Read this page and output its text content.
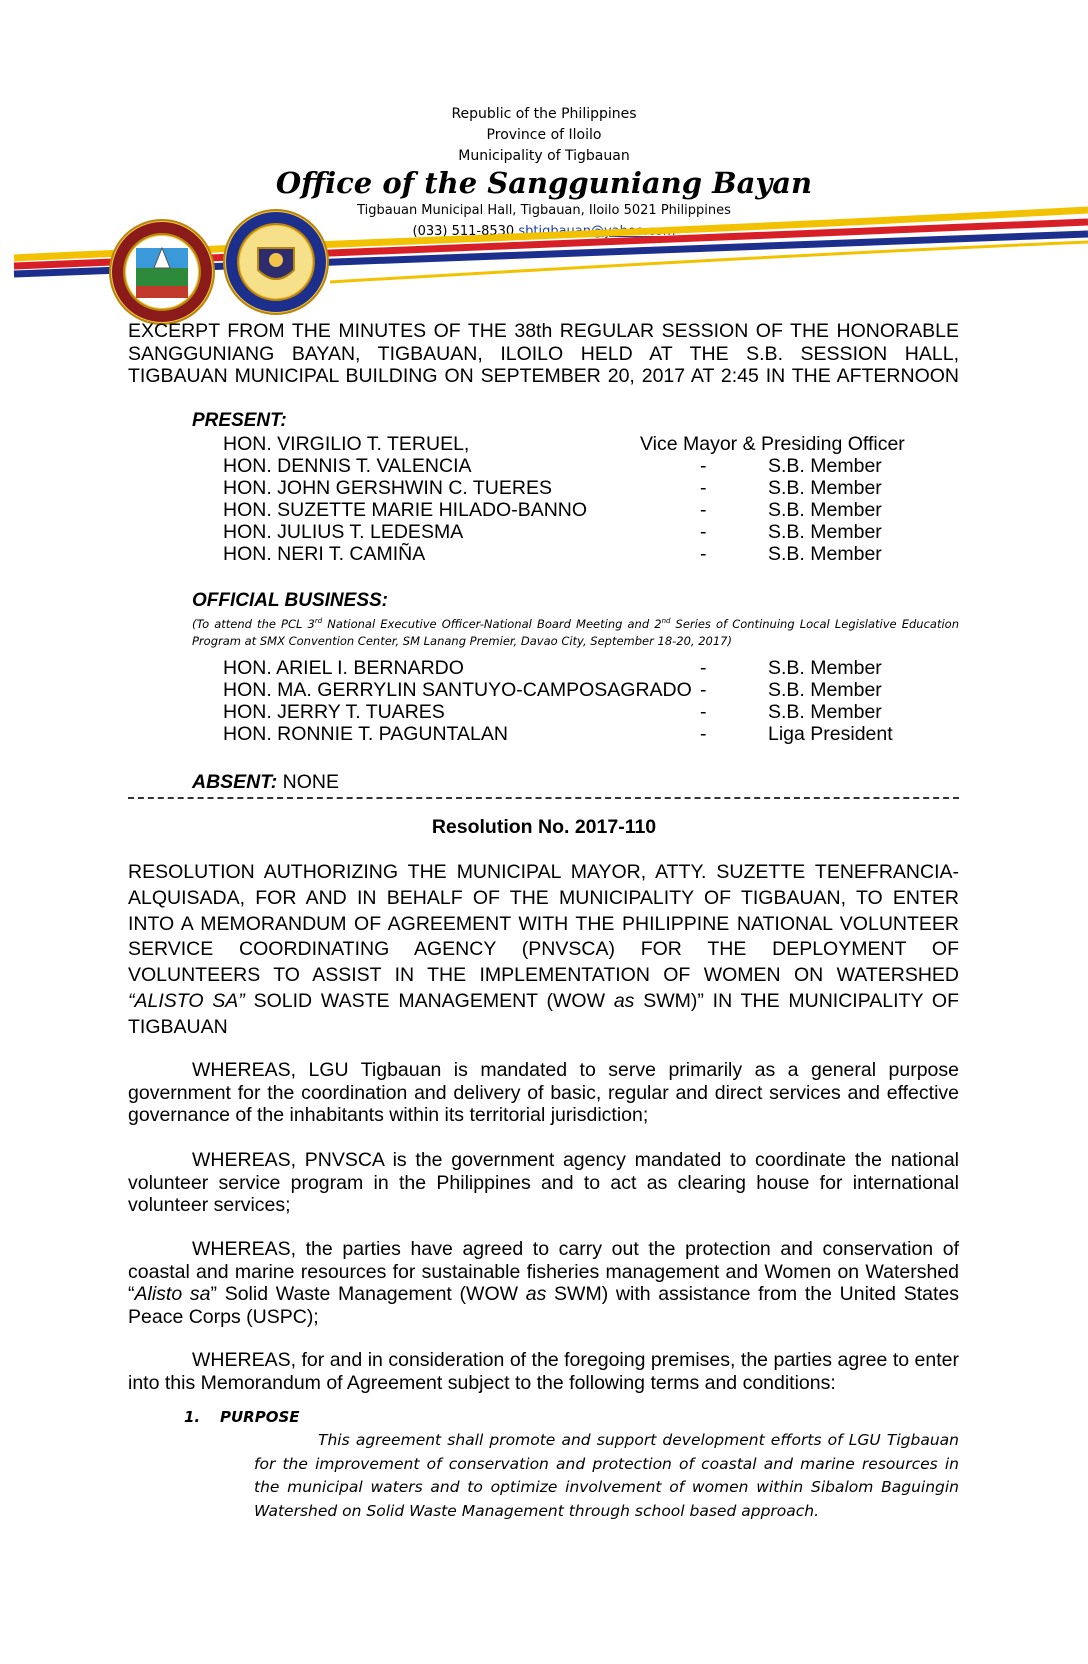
Republic of the Philippines
Province of Iloilo
Municipality of Tigbauan
Office of the Sangguniang Bayan
Tigbauan Municipal Hall, Tigbauan, Iloilo 5021 Philippines
(033) 511-8530 sbtigbauan@yahoo.com
EXCERPT FROM THE MINUTES OF THE 38th REGULAR SESSION OF THE HONORABLE
SANGGUNIANG BAYAN, TIGBAUAN, ILOILO HELD AT THE S.B. SESSION HALL,
TIGBAUAN MUNICIPAL BUILDING ON SEPTEMBER 20, 2017 AT 2:45 IN THE AFTERNOON
PRESENT:
HON. VIRGILIO T. TERUEL,	Vice Mayor & Presiding Officer
HON. DENNIS T. VALENCIA	-	S.B. Member
HON. JOHN GERSHWIN C. TUERES	-	S.B. Member
HON. SUZETTE MARIE HILADO-BANNO	-	S.B. Member
HON. JULIUS T. LEDESMA	-	S.B. Member
HON. NERI T. CAMIÑA	-	S.B. Member
OFFICIAL BUSINESS:
(To attend the PCL 3rd National Executive Officer-National Board Meeting and 2nd Series of Continuing Local Legislative Education Program at SMX Convention Center, SM Lanang Premier, Davao City, September 18-20, 2017)
HON. ARIEL I. BERNARDO	-	S.B. Member
HON. MA. GERRYLIN SANTUYO-CAMPOSAGRADO -	S.B. Member
HON. JERRY T. TUARES	-	S.B. Member
HON. RONNIE T. PAGUNTALAN	-	Liga President
ABSENT: NONE
Resolution No. 2017-110
RESOLUTION AUTHORIZING THE MUNICIPAL MAYOR, ATTY. SUZETTE TENEFRANCIA-
ALQUISADA, FOR AND IN BEHALF OF THE MUNICIPALITY OF TIGBAUAN, TO ENTER
INTO A MEMORANDUM OF AGREEMENT WITH THE PHILIPPINE NATIONAL VOLUNTEER
SERVICE COORDINATING AGENCY (PNVSCA) FOR THE DEPLOYMENT OF
VOLUNTEERS TO ASSIST IN THE IMPLEMENTATION OF WOMEN ON WATERSHED
“ALISTO SA” SOLID WASTE MANAGEMENT (WOW as SWM)” IN THE MUNICIPALITY OF
TIGBAUAN
WHEREAS, LGU Tigbauan is mandated to serve primarily as a general purpose government for the coordination and delivery of basic, regular and direct services and effective governance of the inhabitants within its territorial jurisdiction;
WHEREAS, PNVSCA is the government agency mandated to coordinate the national volunteer service program in the Philippines and to act as clearing house for international volunteer services;
WHEREAS, the parties have agreed to carry out the protection and conservation of coastal and marine resources for sustainable fisheries management and Women on Watershed “Alisto sa” Solid Waste Management (WOW as SWM) with assistance from the United States Peace Corps (USPC);
WHEREAS, for and in consideration of the foregoing premises, the parties agree to enter into this Memorandum of Agreement subject to the following terms and conditions:
1. PURPOSE
This agreement shall promote and support development efforts of LGU Tigbauan for the improvement of conservation and protection of coastal and marine resources in the municipal waters and to optimize involvement of women within Sibalom Baguingin Watershed on Solid Waste Management through school based approach.
